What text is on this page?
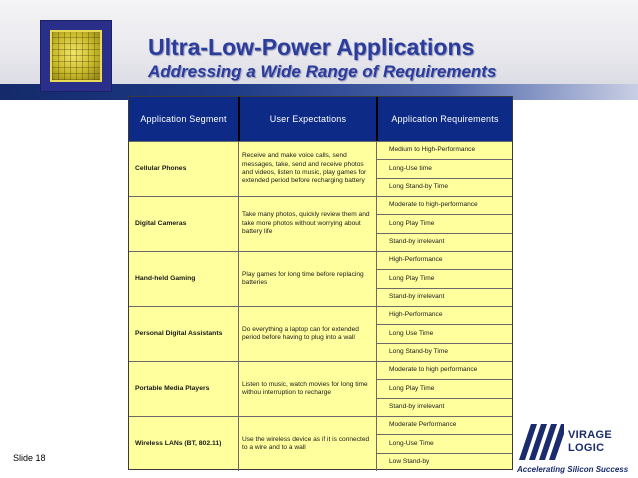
Ultra-Low-Power Applications
Addressing a Wide Range of Requirements
Application Segment	User Expectations	Application Requirements
Cellular Phones
Receive and make voice calls, send messages, take, send and receive photos and videos, listen to music, play games for extended period before recharging battery
Medium to High-Performance
Long-Use time
Long Stand-by Time
Digital Cameras
Take many photos, quickly review them and take more photos without worrying about battery life
Moderate to high-performance
Long Play Time
Stand-by irrelevant
Hand-held Gaming
Play games for long time before replacing batteries
High-Performance
Long Play Time
Stand-by irrelevant
Personal Digital Assistants
Do everything a laptop can for extended period before having to plug into a wall
High-Performance
Long Use Time
Long Stand-by Time
Portable Media Players
Listen to music, watch movies for long time withou interruption to recharge
Moderate to high performance
Long Play Time
Stand-by irrelevant
Wireless LANs (BT, 802.11)
Use the wireless device as if it is connected to a wire and to a wall
Moderate Performance
Long-Use Time
Low Stand-by
Slide 18
VIRAGE
LOGIC
Accelerating Silicon Success
